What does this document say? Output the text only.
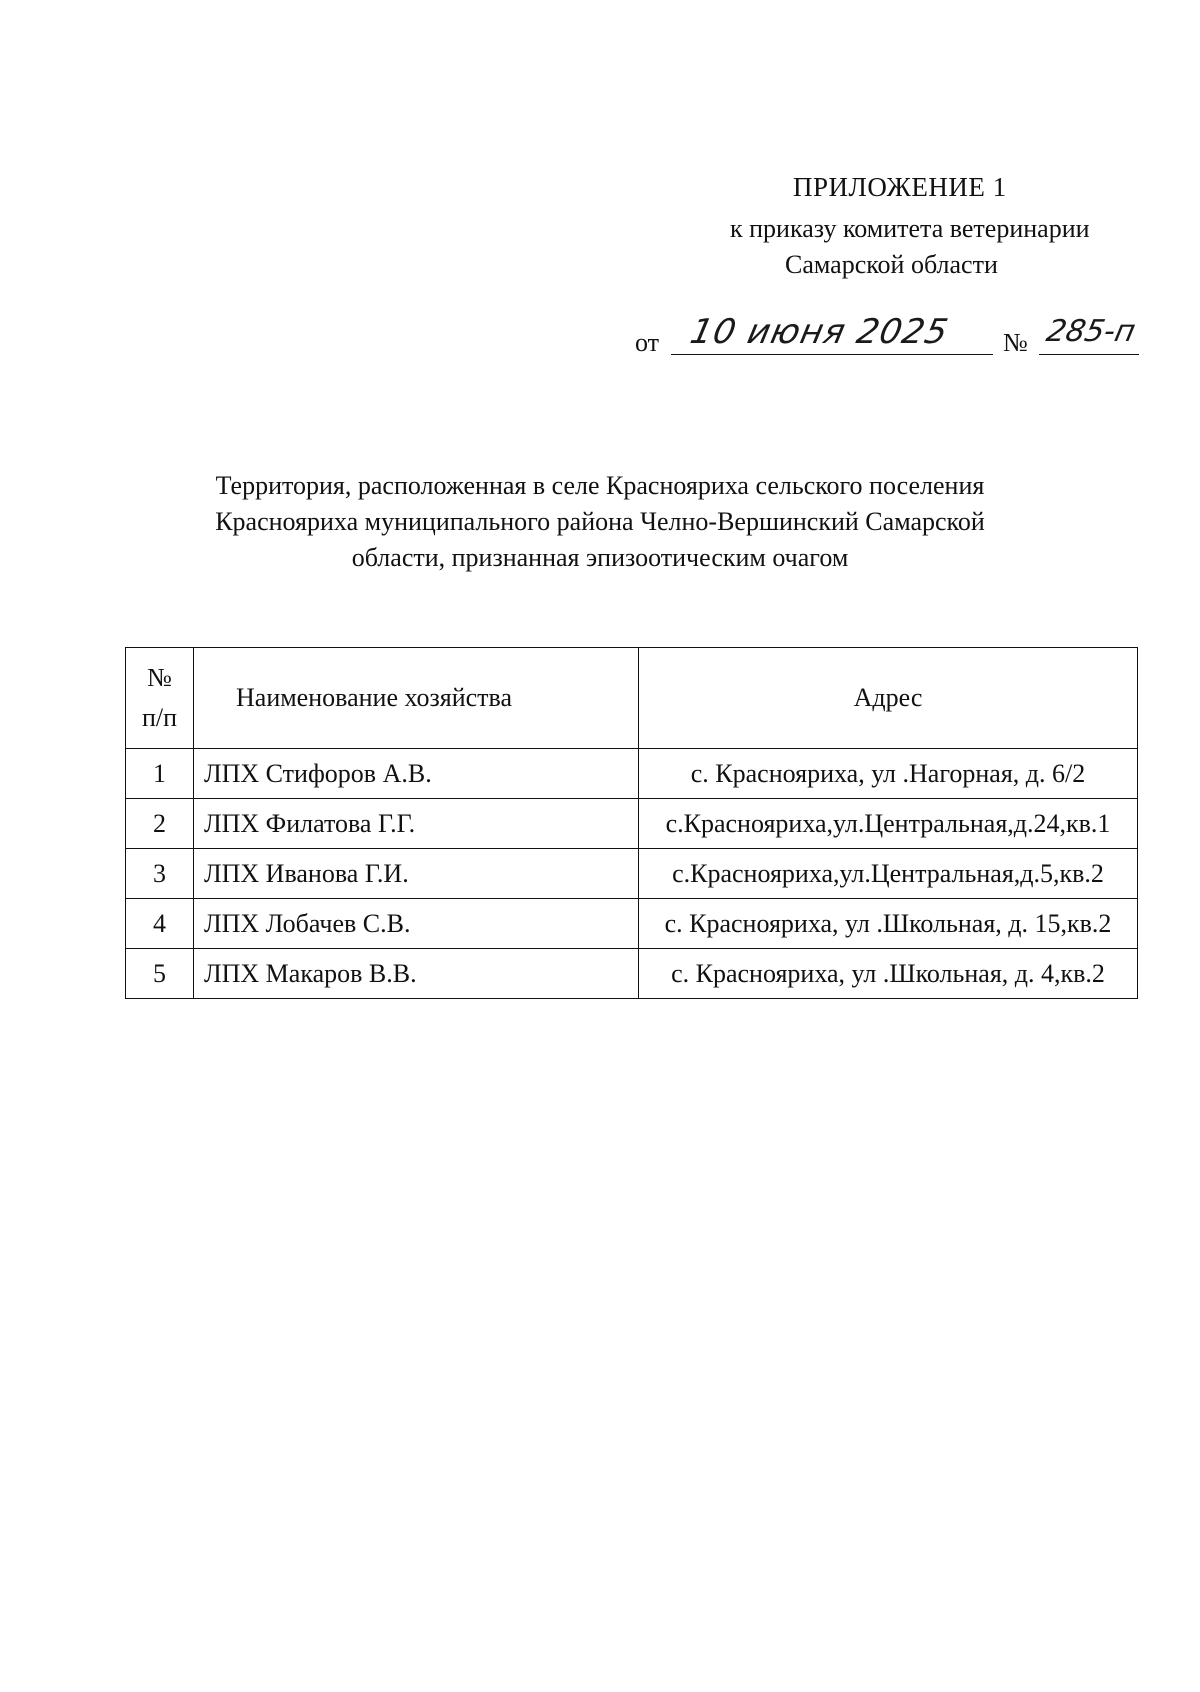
ПРИЛОЖЕНИЕ 1
к приказу комитета ветеринарии
Самарской области
от 10 июня 2025 № 285-п
Территория, расположенная в селе Краснояриха сельского поселения
Краснояриха муниципального района Челно-Вершинский Самарской
области, признанная эпизоотическим очагом
№
п/п	Наименование хозяйства	Адрес
1	ЛПХ Стифоров А.В.	с. Краснояриха, ул .Нагорная, д. 6/2
2	ЛПХ Филатова Г.Г.	с.Краснояриха,ул.Центральная,д.24,кв.1
3	ЛПХ Иванова Г.И.	с.Краснояриха,ул.Центральная,д.5,кв.2
4	ЛПХ Лобачев С.В.	с. Краснояриха, ул .Школьная, д. 15,кв.2
5	ЛПХ Макаров В.В.	с. Краснояриха, ул .Школьная, д. 4,кв.2
